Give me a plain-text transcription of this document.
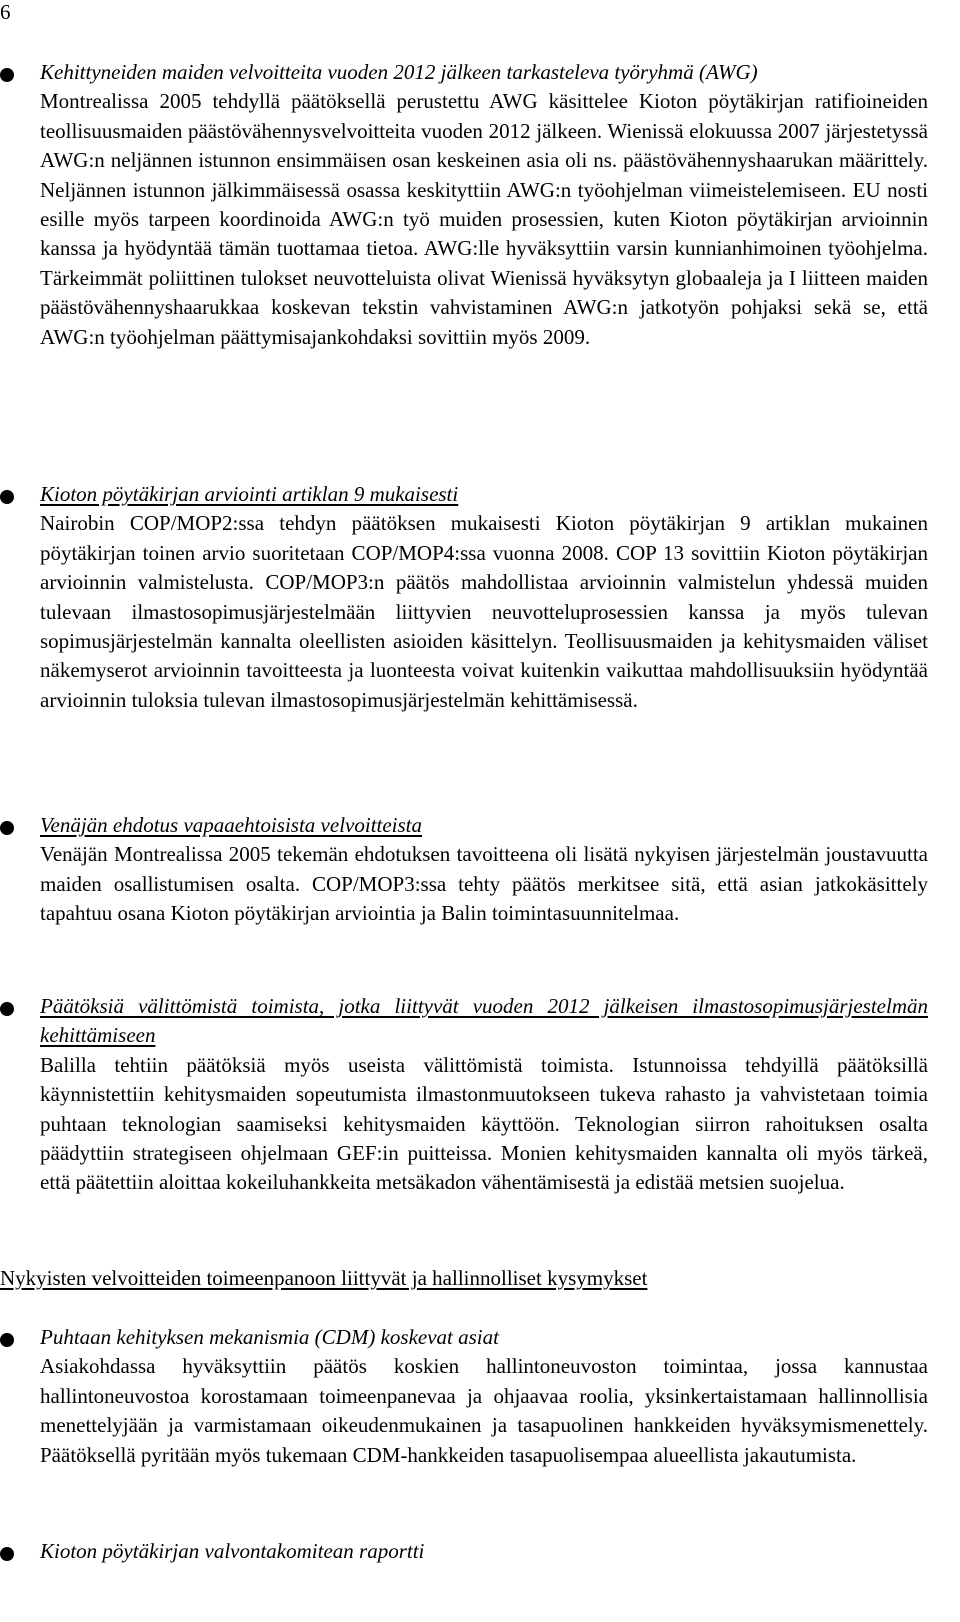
6
Kehittyneiden maiden velvoitteita vuoden 2012 jälkeen tarkasteleva työryhmä (AWG)
Montrealissa 2005 tehdyllä päätöksellä perustettu AWG käsittelee Kioton pöytäkirjan ratifioineiden teollisuusmaiden päästövähennysvelvoitteita vuoden 2012 jälkeen. Wienissä elokuussa 2007 järjestetyssä AWG:n neljännen istunnon ensimmäisen osan keskeinen asia oli ns. päästövähennyshaarukan määrittely. Neljännen istunnon jälkimmäisessä osassa keskityttiin AWG:n työohjelman viimeistelemiseen. EU nosti esille myös tarpeen koordinoida AWG:n työ muiden prosessien, kuten Kioton pöytäkirjan arvioinnin kanssa ja hyödyntää tämän tuottamaa tietoa. AWG:lle hyväksyttiin varsin kunnianhimoinen työohjelma. Tärkeimmät poliittinen tulokset neuvotteluista olivat Wienissä hyväksytyn globaaleja ja I liitteen maiden päästövähennyshaarukkaa koskevan tekstin vahvistaminen AWG:n jatkotyön pohjaksi sekä se, että AWG:n työohjelman päättymisajankohdaksi sovittiin myös 2009.
Kioton pöytäkirjan arviointi artiklan 9 mukaisesti
Nairobin COP/MOP2:ssa tehdyn päätöksen mukaisesti Kioton pöytäkirjan 9 artiklan mukainen pöytäkirjan toinen arvio suoritetaan COP/MOP4:ssa vuonna 2008. COP 13 sovittiin Kioton pöytäkirjan arvioinnin valmistelusta. COP/MOP3:n päätös mahdollistaa arvioinnin valmistelun yhdessä muiden tulevaan ilmastosopimusjärjestelmään liittyvien neuvotteluprosessien kanssa ja myös tulevan sopimusjärjestelmän kannalta oleellisten asioiden käsittelyn. Teollisuusmaiden ja kehitysmaiden väliset näkemyserot arvioinnin tavoitteesta ja luonteesta voivat kuitenkin vaikuttaa mahdollisuuksiin hyödyntää arvioinnin tuloksia tulevan ilmastosopimusjärjestelmän kehittämisessä.
Venäjän ehdotus vapaaehtoisista velvoitteista
Venäjän Montrealissa 2005 tekemän ehdotuksen tavoitteena oli lisätä nykyisen järjestelmän joustavuutta maiden osallistumisen osalta. COP/MOP3:ssa tehty päätös merkitsee sitä, että asian jatkokäsittely tapahtuu osana Kioton pöytäkirjan arviointia ja Balin toimintasuunnitelmaa.
Päätöksiä välittömistä toimista, jotka liittyvät vuoden 2012 jälkeisen ilmastosopimusjärjestelmän kehittämiseen
Balilla tehtiin päätöksiä myös useista välittömistä toimista. Istunnoissa tehdyillä päätöksillä käynnistettiin kehitysmaiden sopeutumista ilmastonmuutokseen tukeva rahasto ja vahvistetaan toimia puhtaan teknologian saamiseksi kehitysmaiden käyttöön. Teknologian siirron rahoituksen osalta päädyttiin strategiseen ohjelmaan GEF:in puitteissa. Monien kehitysmaiden kannalta oli myös tärkeä, että päätettiin aloittaa kokeiluhankkeita metsäkadon vähentämisestä ja edistää metsien suojelua.
Nykyisten velvoitteiden toimeenpanoon liittyvät ja hallinnolliset kysymykset
Puhtaan kehityksen mekanismia (CDM) koskevat asiat
Asiakohdassa hyväksyttiin päätös koskien hallintoneuvoston toimintaa, jossa kannustaa hallintoneuvostoa korostamaan toimeenpanevaa ja ohjaavaa roolia, yksinkertaistamaan hallinnollisia menettelyjään ja varmistamaan oikeudenmukainen ja tasapuolinen hankkeiden hyväksymismenettely. Päätöksellä pyritään myös tukemaan CDM-hankkeiden tasapuolisempaa alueellista jakautumista.
Kioton pöytäkirjan valvontakomitean raportti
